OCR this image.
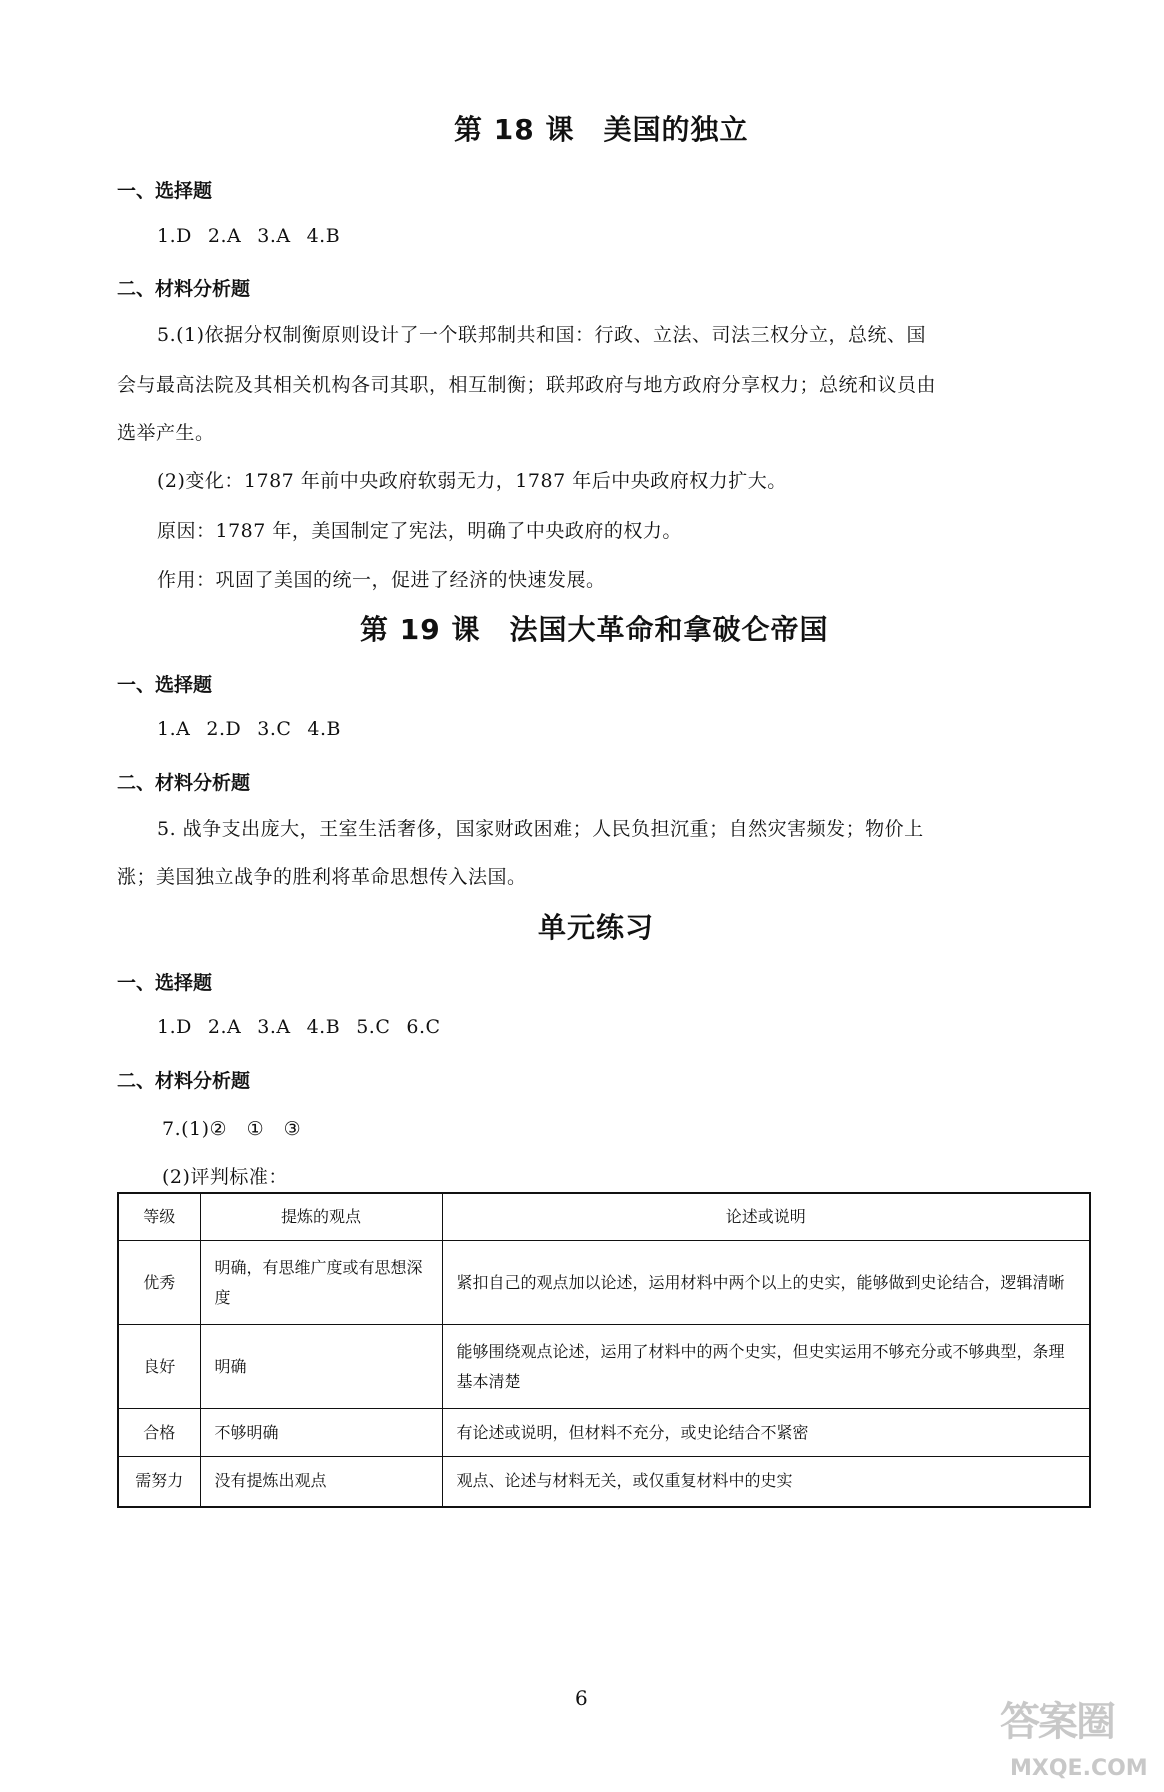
第 18 课　美国的独立
一、选择题
1.D 2.A 3.A 4.B
二、材料分析题
5.(1)依据分权制衡原则设计了一个联邦制共和国：行政、立法、司法三权分立，总统、国
会与最高法院及其相关机构各司其职，相互制衡；联邦政府与地方政府分享权力；总统和议员由
选举产生。
(2)变化：1787 年前中央政府软弱无力，1787 年后中央政府权力扩大。
原因：1787 年，美国制定了宪法，明确了中央政府的权力。
作用：巩固了美国的统一，促进了经济的快速发展。
第 19 课　法国大革命和拿破仑帝国
一、选择题
1.A 2.D 3.C 4.B
二、材料分析题
5. 战争支出庞大，王室生活奢侈，国家财政困难；人民负担沉重；自然灾害频发；物价上
涨；美国独立战争的胜利将革命思想传入法国。
单元练习
一、选择题
1.D 2.A 3.A 4.B 5.C 6.C
二、材料分析题
7.(1)②　①　③
(2)评判标准：
等级	提炼的观点	论述或说明
优秀	明确，有思维广度或有思想深度	紧扣自己的观点加以论述，运用材料中两个以上的史实，能够做到史论结合，逻辑清晰
良好	明确	能够围绕观点论述，运用了材料中的两个史实，但史实运用不够充分或不够典型，条理基本清楚
合格	不够明确	有论述或说明，但材料不充分，或史论结合不紧密
需努力	没有提炼出观点	观点、论述与材料无关，或仅重复材料中的史实
6
答案圈
MXQE.COM
